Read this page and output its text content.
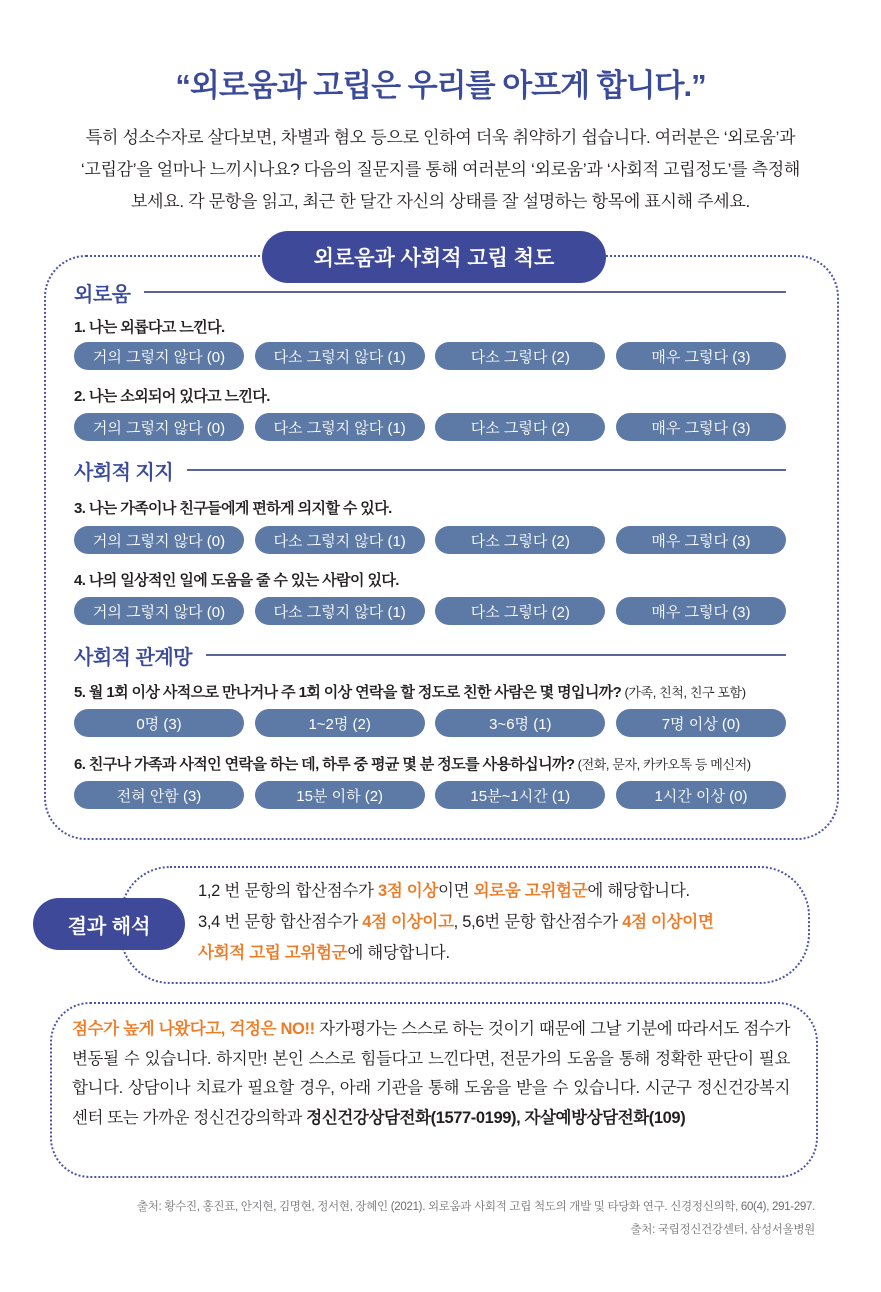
“외로움과 고립은 우리를 아프게 합니다.”
특히 성소수자로 살다보면, 차별과 혐오 등으로 인하여 더욱 취약하기 쉽습니다. 여러분은 ‘외로움’과
‘고립감’을 얼마나 느끼시나요? 다음의 질문지를 통해 여러분의 ‘외로움’과 ‘사회적 고립정도’를 측정해
보세요. 각 문항을 읽고, 최근 한 달간 자신의 상태를 잘 설명하는 항목에 표시해 주세요.
외로움과 사회적 고립 척도
외로움
1. 나는 외롭다고 느낀다.
거의 그렇지 않다 (0)	다소 그렇지 않다 (1)	다소 그렇다 (2)	매우 그렇다 (3)
2. 나는 소외되어 있다고 느낀다.
거의 그렇지 않다 (0)	다소 그렇지 않다 (1)	다소 그렇다 (2)	매우 그렇다 (3)
사회적 지지
3. 나는 가족이나 친구들에게 편하게 의지할 수 있다.
거의 그렇지 않다 (0)	다소 그렇지 않다 (1)	다소 그렇다 (2)	매우 그렇다 (3)
4. 나의 일상적인 일에 도움을 줄 수 있는 사람이 있다.
거의 그렇지 않다 (0)	다소 그렇지 않다 (1)	다소 그렇다 (2)	매우 그렇다 (3)
사회적 관계망
5. 월 1회 이상 사적으로 만나거나 주 1회 이상 연락을 할 정도로 친한 사람은 몇 명입니까? (가족, 친척, 친구 포함)
0명 (3)	1~2명 (2)	3~6명 (1)	7명 이상 (0)
6. 친구나 가족과 사적인 연락을 하는 데, 하루 중 평균 몇 분 정도를 사용하십니까? (전화, 문자, 카카오톡 등 메신저)
전혀 안함 (3)	15분 이하 (2)	15분~1시간 (1)	1시간 이상 (0)
결과 해석
1,2 번 문항의 합산점수가 3점 이상이면 외로움 고위험군에 해당합니다.
3,4 번 문항 합산점수가 4점 이상이고, 5,6번 문항 합산점수가 4점 이상이면
사회적 고립 고위험군에 해당합니다.
점수가 높게 나왔다고, 걱정은 NO!! 자가평가는 스스로 하는 것이기 때문에 그날 기분에 따라서도 점수가 변동될 수 있습니다. 하지만! 본인 스스로 힘들다고 느낀다면, 전문가의 도움을 통해 정확한 판단이 필요합니다. 상담이나 치료가 필요할 경우, 아래 기관을 통해 도움을 받을 수 있습니다. 시군구 정신건강복지센터 또는 가까운 정신건강의학과 정신건강상담전화(1577-0199), 자살예방상담전화(109)
출처: 황수진, 홍진표, 안지현, 김명현, 정서현, 장혜인 (2021). 외로움과 사회적 고립 척도의 개발 및 타당화 연구. 신경정신의학, 60(4), 291-297.
출처: 국립정신건강센터, 삼성서울병원
